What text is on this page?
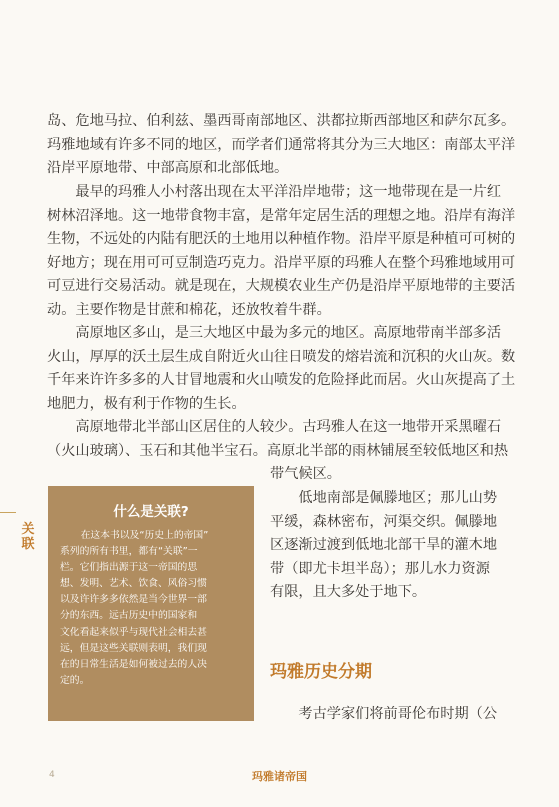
岛、危地马拉、伯利兹、墨西哥南部地区、洪都拉斯西部地区和萨尔瓦多。
玛雅地域有许多不同的地区，而学者们通常将其分为三大地区：南部太平洋
沿岸平原地带、中部高原和北部低地。

最早的玛雅人小村落出现在太平洋沿岸地带；这一地带现在是一片红
树林沼泽地。这一地带食物丰富，是常年定居生活的理想之地。沿岸有海洋
生物，不远处的内陆有肥沃的土地用以种植作物。沿岸平原是种植可可树的
好地方；现在用可可豆制造巧克力。沿岸平原的玛雅人在整个玛雅地域用可
可豆进行交易活动。就是现在，大规模农业生产仍是沿岸平原地带的主要活
动。主要作物是甘蔗和棉花，还放牧着牛群。

高原地区多山，是三大地区中最为多元的地区。高原地带南半部多活
火山，厚厚的沃土层生成自附近火山往日喷发的熔岩流和沉积的火山灰。数
千年来许许多多的人甘冒地震和火山喷发的危险择此而居。火山灰提高了土
地肥力，极有利于作物的生长。

高原地带北半部山区居住的人较少。古玛雅人在这一地带开采黑曜石
（火山玻璃）、玉石和其他半宝石。高原北半部的雨林铺展至较低地区和热

带气候区。

低地南部是佩滕地区；那儿山势
平缓，森林密布，河渠交织。佩滕地
区逐渐过渡到低地北部干旱的灌木地
带（即尤卡坦半岛）；那儿水力资源
有限，且大多处于地下。

关联
什么是关联?
在这本书以及“历史上的帝国”
系列的所有书里，都有“关联”一
栏。它们指出源于这一帝国的思
想、发明、艺术、饮食、风俗习惯
以及许许多多依然是当今世界一部
分的东西。远古历史中的国家和
文化看起来似乎与现代社会相去甚
远，但是这些关联则表明，我们现
在的日常生活是如何被过去的人决
定的。	玛雅历史分期

考古学家们将前哥伦布时期（公

4	玛雅诸帝国
